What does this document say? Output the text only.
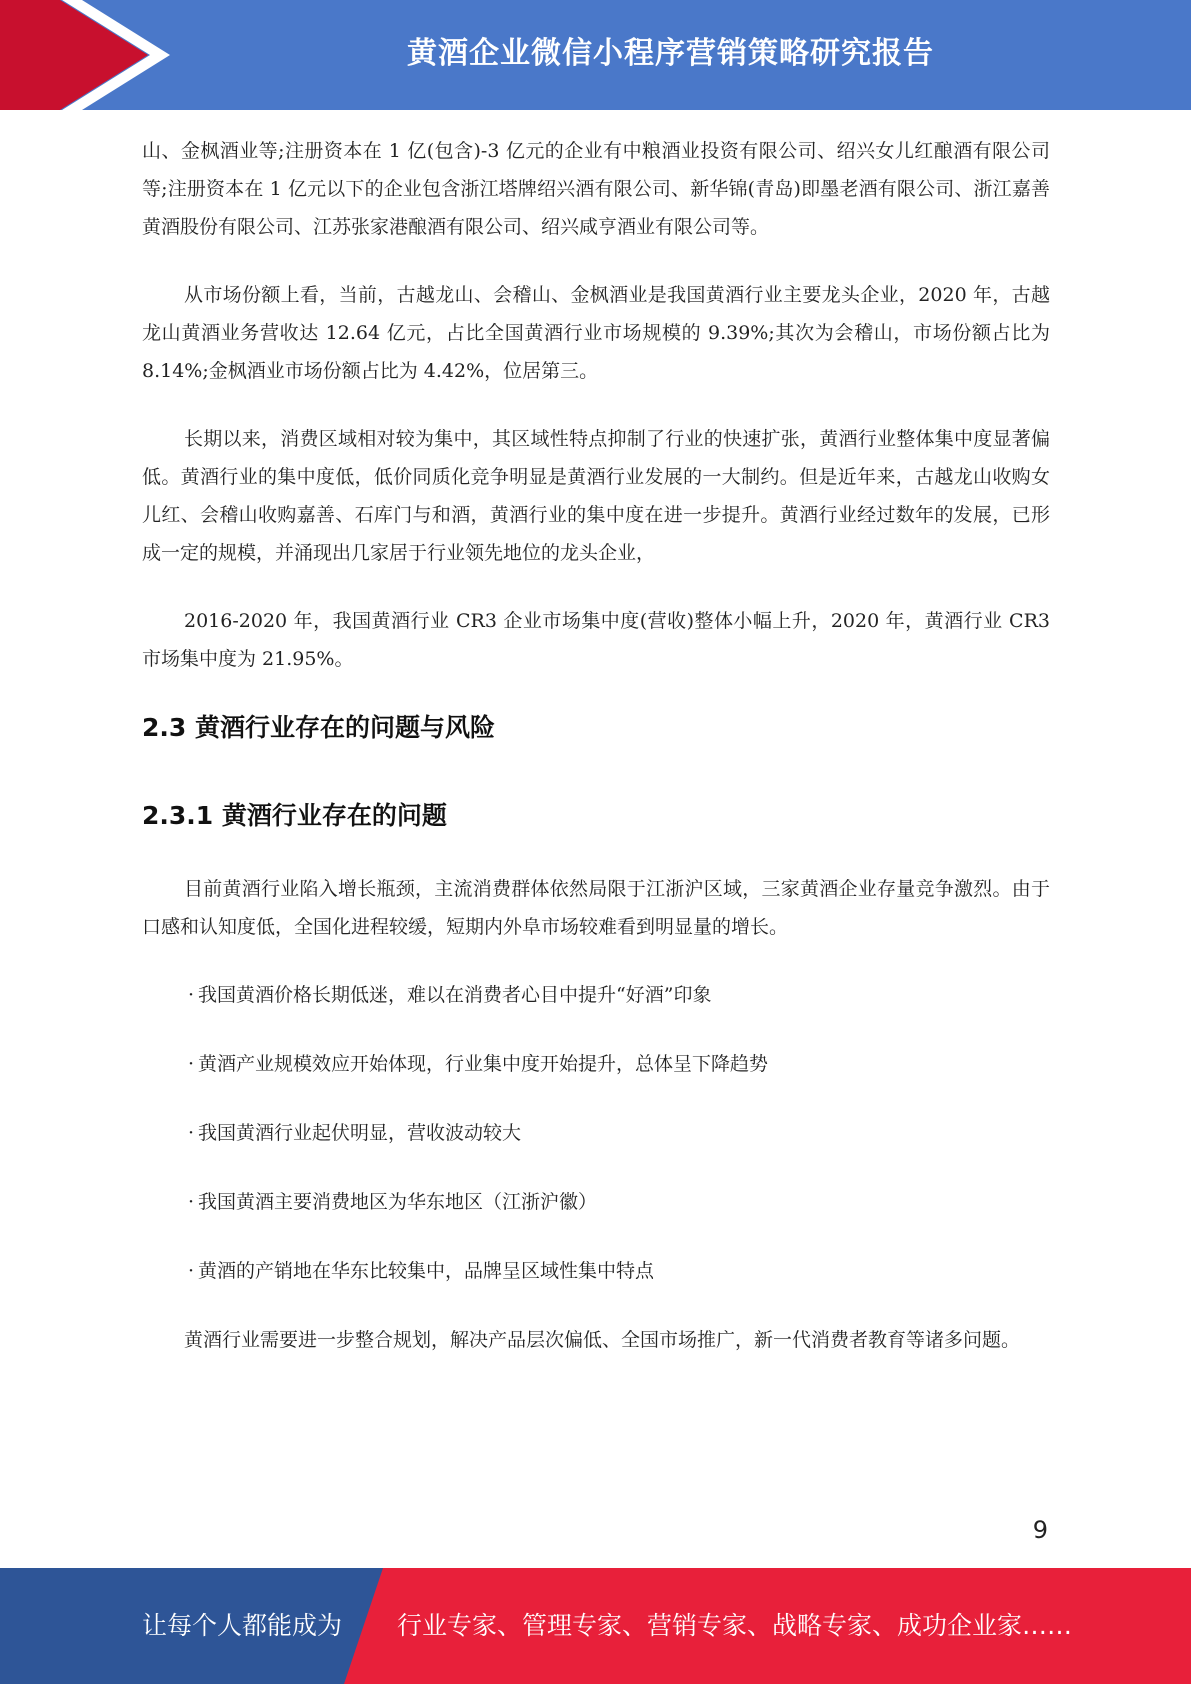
黄酒企业微信小程序营销策略研究报告

山、金枫酒业等;注册资本在 1 亿(包含)-3 亿元的企业有中粮酒业投资有限公司、绍兴女儿红酿酒有限公司等;注册资本在 1 亿元以下的企业包含浙江塔牌绍兴酒有限公司、新华锦(青岛)即墨老酒有限公司、浙江嘉善黄酒股份有限公司、江苏张家港酿酒有限公司、绍兴咸亨酒业有限公司等。

从市场份额上看，当前，古越龙山、会稽山、金枫酒业是我国黄酒行业主要龙头企业，2020 年，古越龙山黄酒业务营收达 12.64 亿元，占比全国黄酒行业市场规模的 9.39%;其次为会稽山，市场份额占比为 8.14%;金枫酒业市场份额占比为 4.42%，位居第三。

长期以来，消费区域相对较为集中，其区域性特点抑制了行业的快速扩张，黄酒行业整体集中度显著偏低。黄酒行业的集中度低，低价同质化竞争明显是黄酒行业发展的一大制约。但是近年来，古越龙山收购女儿红、会稽山收购嘉善、石库门与和酒，黄酒行业的集中度在进一步提升。黄酒行业经过数年的发展，已形成一定的规模，并涌现出几家居于行业领先地位的龙头企业，

2016-2020 年，我国黄酒行业 CR3 企业市场集中度(营收)整体小幅上升，2020 年，黄酒行业 CR3 市场集中度为 21.95%。

2.3 黄酒行业存在的问题与风险
2.3.1 黄酒行业存在的问题

目前黄酒行业陷入增长瓶颈，主流消费群体依然局限于江浙沪区域，三家黄酒企业存量竞争激烈。由于口感和认知度低，全国化进程较缓，短期内外阜市场较难看到明显量的增长。

· 我国黄酒价格长期低迷，难以在消费者心目中提升“好酒”印象
· 黄酒产业规模效应开始体现，行业集中度开始提升，总体呈下降趋势
· 我国黄酒行业起伏明显，营收波动较大
· 我国黄酒主要消费地区为华东地区（江浙沪徽）
· 黄酒的产销地在华东比较集中，品牌呈区域性集中特点

黄酒行业需要进一步整合规划，解决产品层次偏低、全国市场推广，新一代消费者教育等诸多问题。

9
让每个人都能成为 行业专家、管理专家、营销专家、战略专家、成功企业家……
